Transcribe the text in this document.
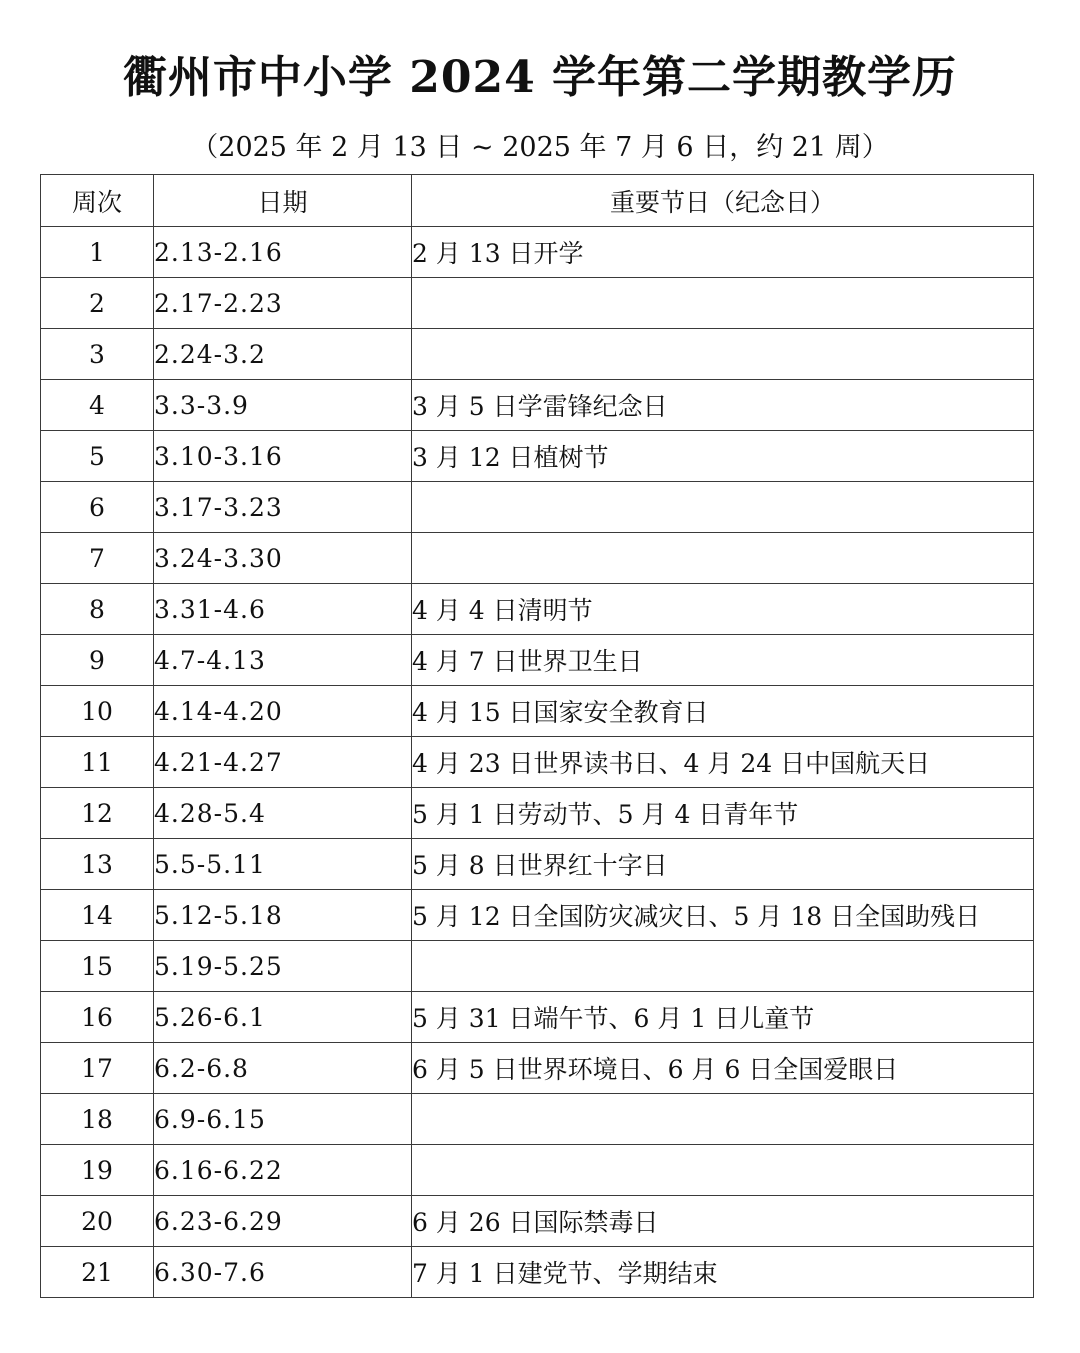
衢州市中小学 2024 学年第二学期教学历
（2025 年 2 月 13 日 ~ 2025 年 7 月 6 日，约 21 周）
周次	日期	重要节日（纪念日）
1	2.13-2.16	2 月 13 日开学
2	2.17-2.23	
3	2.24-3.2	
4	3.3-3.9	3 月 5 日学雷锋纪念日
5	3.10-3.16	3 月 12 日植树节
6	3.17-3.23	
7	3.24-3.30	
8	3.31-4.6	4 月 4 日清明节
9	4.7-4.13	4 月 7 日世界卫生日
10	4.14-4.20	4 月 15 日国家安全教育日
11	4.21-4.27	4 月 23 日世界读书日、4 月 24 日中国航天日
12	4.28-5.4	5 月 1 日劳动节、5 月 4 日青年节
13	5.5-5.11	5 月 8 日世界红十字日
14	5.12-5.18	5 月 12 日全国防灾减灾日、5 月 18 日全国助残日
15	5.19-5.25	
16	5.26-6.1	5 月 31 日端午节、6 月 1 日儿童节
17	6.2-6.8	6 月 5 日世界环境日、6 月 6 日全国爱眼日
18	6.9-6.15	
19	6.16-6.22	
20	6.23-6.29	6 月 26 日国际禁毒日
21	6.30-7.6	7 月 1 日建党节、学期结束
